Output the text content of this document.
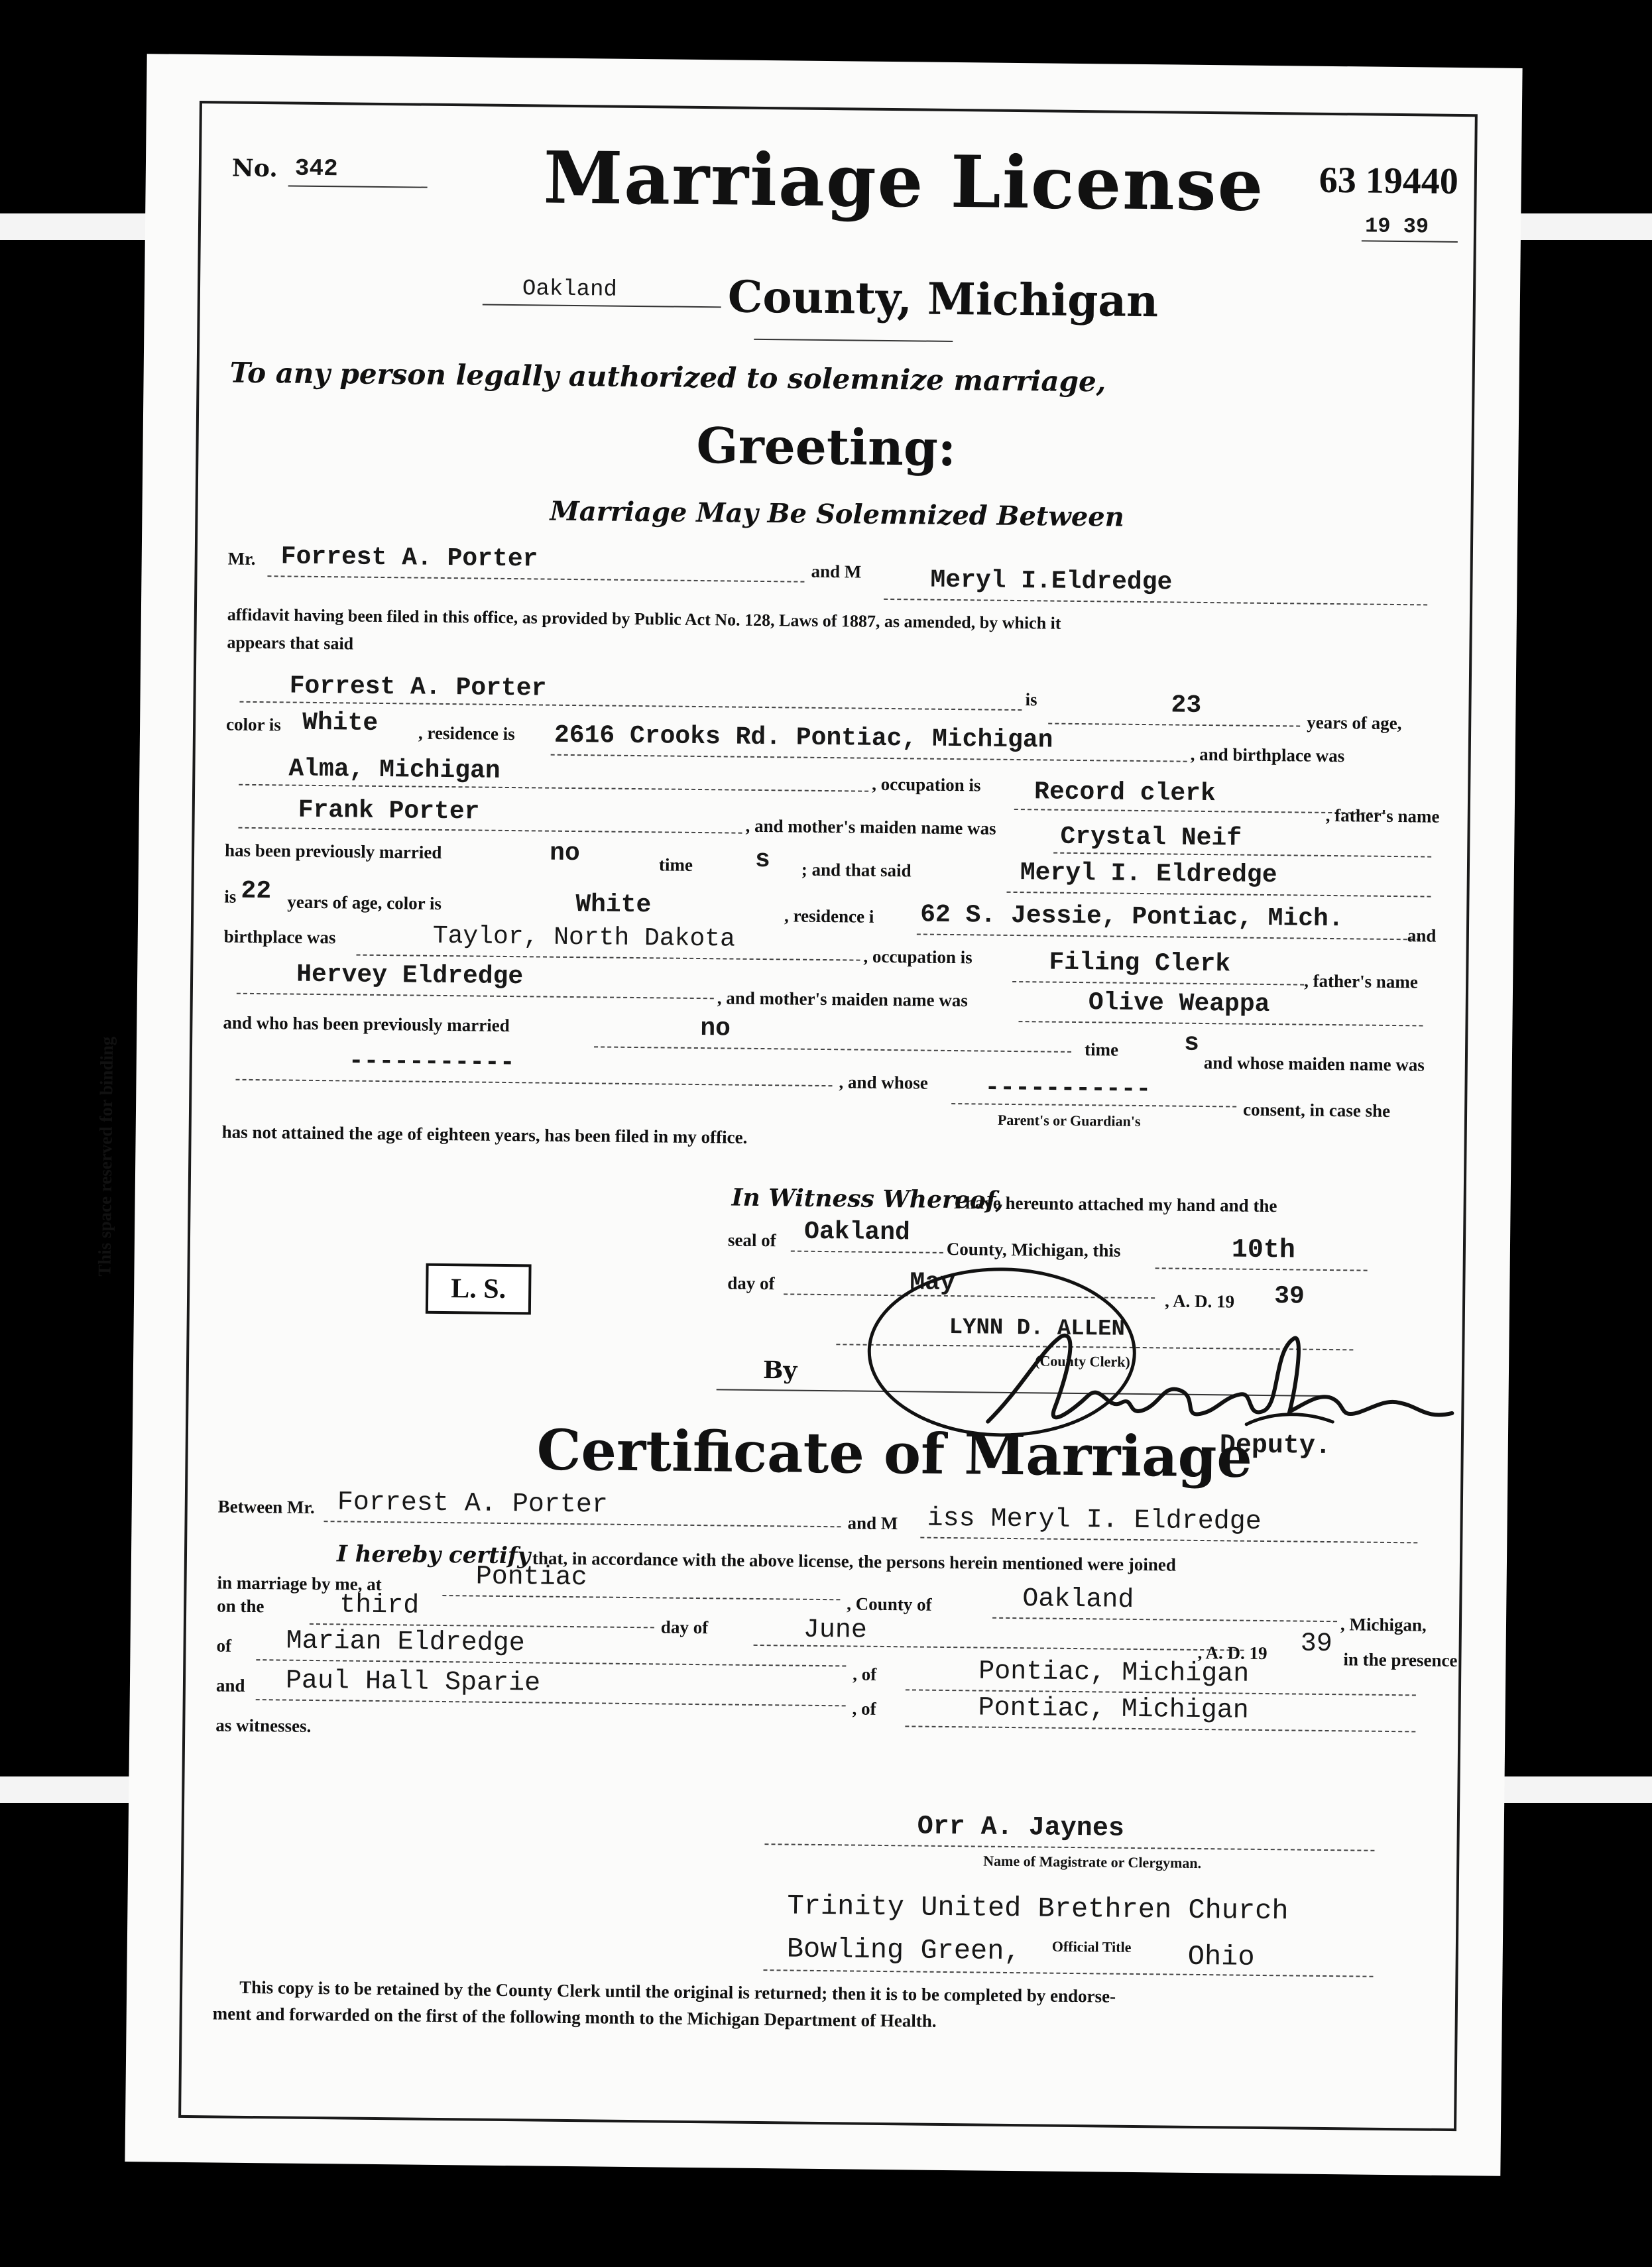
This space reserved for binding
No. 342	Marriage License 63 19440
19 39
Oakland	County, Michigan
To any person legally authorized to solemnize marriage,
Greeting:
Marriage May Be Solemnized Between
Mr. Forrest A. Porter	and M	Meryl I.Eldredge
affidavit having been filed in this office, as provided by Public Act No. 128, Laws of 1887, as amended, by which it
appears that said
Forrest A. Porter	is	23
years of age,
color is White , residence is 2616 Crooks Rd. Pontiac, Michigan
, and birthplace was
Alma, Michigan	, occupation is Record clerk
, father's name
Frank Porter
, and mother's maiden name was	Crystal Neif
has been previously married	no	time s ; and that said	Meryl I. Eldredge
is 22 years of age, color is	White	, residence i 62 S. Jessie, Pontiac, Mich.
and
birthplace was	Taylor, North Dakota
, occupation is	Filing Clerk
, father's name
Hervey Eldredge
, and mother's maiden name was	Olive Weappa
and who has been previously married	no
time	s
and whose maiden name was
-----------
, and whose -----------
Parent's or Guardian's	consent, in case she
has not attained the age of eighteen years, has been filed in my office.
In Witness Whereof,
I have hereunto attached my hand and the
seal of Oakland
County, Michigan, this	10th
day of	May
, A. D. 19 39
L. S.
LYNN D. ALLEN
(County Clerk)
By
Deputy.
Certificate of Marriage
Between Mr. Forrest A. Porter
and M iss Meryl I. Eldredge
I hereby certify that, in accordance with the above license, the persons herein mentioned were joined
in marriage by me, at	Pontiac
, County of	Oakland
, Michigan,
on the	third
day of	June
, A. D. 19 39
in the presence
of Marian Eldredge
, of	Pontiac, Michigan
and Paul Hall Sparie
, of	Pontiac, Michigan
as witnesses.
Orr A. Jaynes
Name of Magistrate or Clergyman.
Trinity United Brethren Church
Bowling Green, Official Title Ohio
This copy is to be retained by the County Clerk until the original is returned; then it is to be completed by endorse-
ment and forwarded on the first of the following month to the Michigan Department of Health.
